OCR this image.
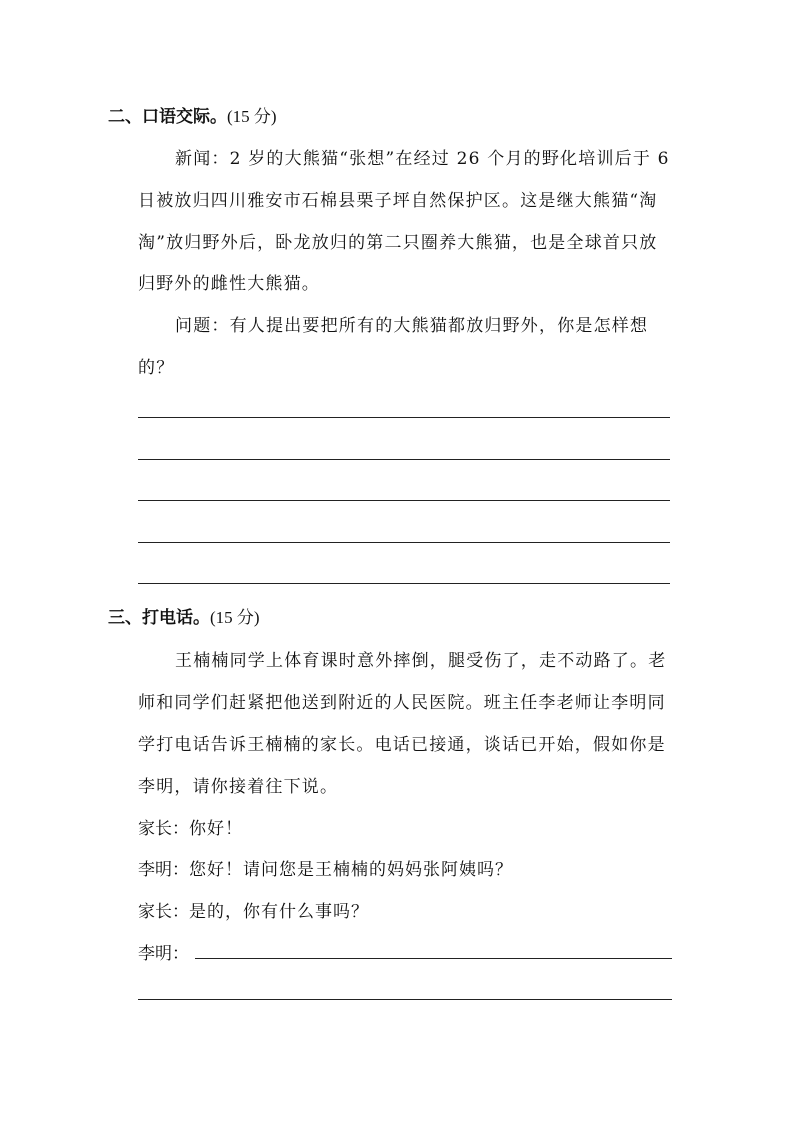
二、口语交际。(15 分)
新闻：2 岁的大熊猫“张想”在经过 26 个月的野化培训后于 6
日被放归四川雅安市石棉县栗子坪自然保护区。这是继大熊猫“淘
淘”放归野外后，卧龙放归的第二只圈养大熊猫，也是全球首只放
归野外的雌性大熊猫。
问题：有人提出要把所有的大熊猫都放归野外，你是怎样想
的？
三、打电话。(15 分)
王楠楠同学上体育课时意外摔倒，腿受伤了，走不动路了。老
师和同学们赶紧把他送到附近的人民医院。班主任李老师让李明同
学打电话告诉王楠楠的家长。电话已接通，谈话已开始，假如你是
李明，请你接着往下说。
家长：你好！
李明：您好！请问您是王楠楠的妈妈张阿姨吗？
家长：是的，你有什么事吗？
李明：
